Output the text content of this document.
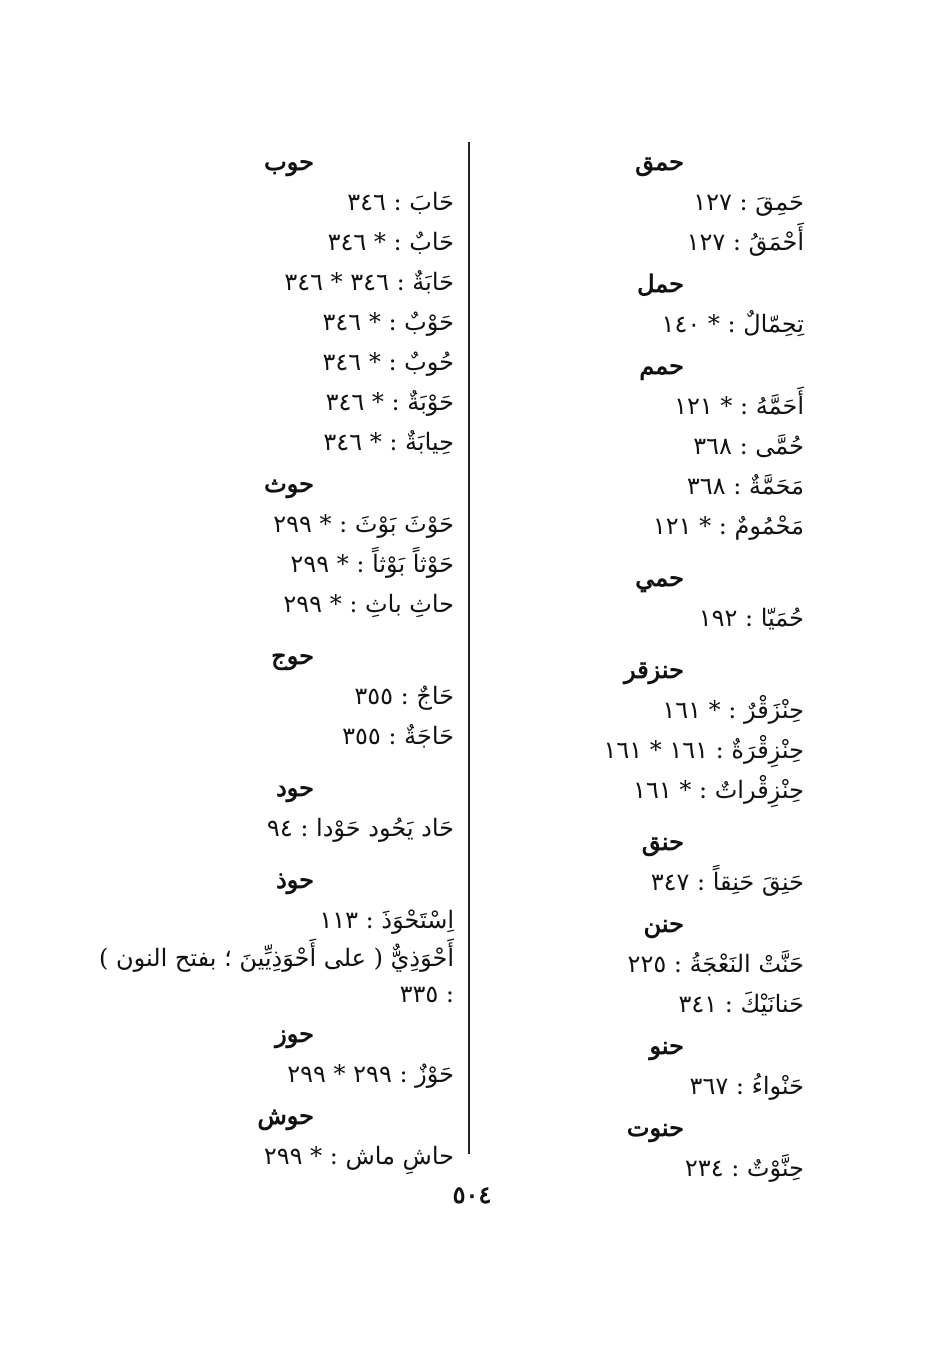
حمق
حَمِقَ : ١٢٧
أَحْمَقُ : ١٢٧
حمل
تِحِمّالٌ : * ١٤٠
حمم
أَحَمَّهُ : * ١٢١
حُمَّى : ٣٦٨
مَحَمَّةٌ : ٣٦٨
مَحْمُومٌ : * ١٢١
حمي
حُمَيّا : ١٩٢
حنزقر
حِنْزَقْرٌ : * ١٦١
حِنْزِقْرَةٌ : ١٦١ * ١٦١
حِنْزِقْراتٌ : * ١٦١
حنق
حَنِقَ حَنِقاً : ٣٤٧
حنن
حَنَّتْ النَعْجَةُ : ٢٢٥
حَنانَيْكَ : ٣٤١
حنو
حَنْواءُ : ٣٦٧
حنوت
حِنَّوْتٌ : ٢٣٤
حوب
حَابَ : ٣٤٦
حَابٌ : * ٣٤٦
حَابَةٌ : ٣٤٦ * ٣٤٦
حَوْبٌ : * ٣٤٦
حُوبٌ : * ٣٤٦
حَوْبَةٌ : * ٣٤٦
حِيابَةٌ : * ٣٤٦
حوث
حَوْثَ بَوْثَ : * ٢٩٩
حَوْثاً بَوْثاً : * ٢٩٩
حاثِ باثِ : * ٢٩٩
حوج
حَاجٌ : ٣٥٥
حَاجَةٌ : ٣٥٥
حود
حَاد يَحُود حَوْدا : ٩٤
حوذ
اِسْتَحْوَذَ : ١١٣
أَحْوَذِيٌّ ( على أَحْوَذِيِّينَ ؛ بفتح النون ) : ٣٣٥
حوز
حَوْزٌ : ٢٩٩ * ٢٩٩
حوش
حاشِ ماش : * ٢٩٩
٥٠٤
